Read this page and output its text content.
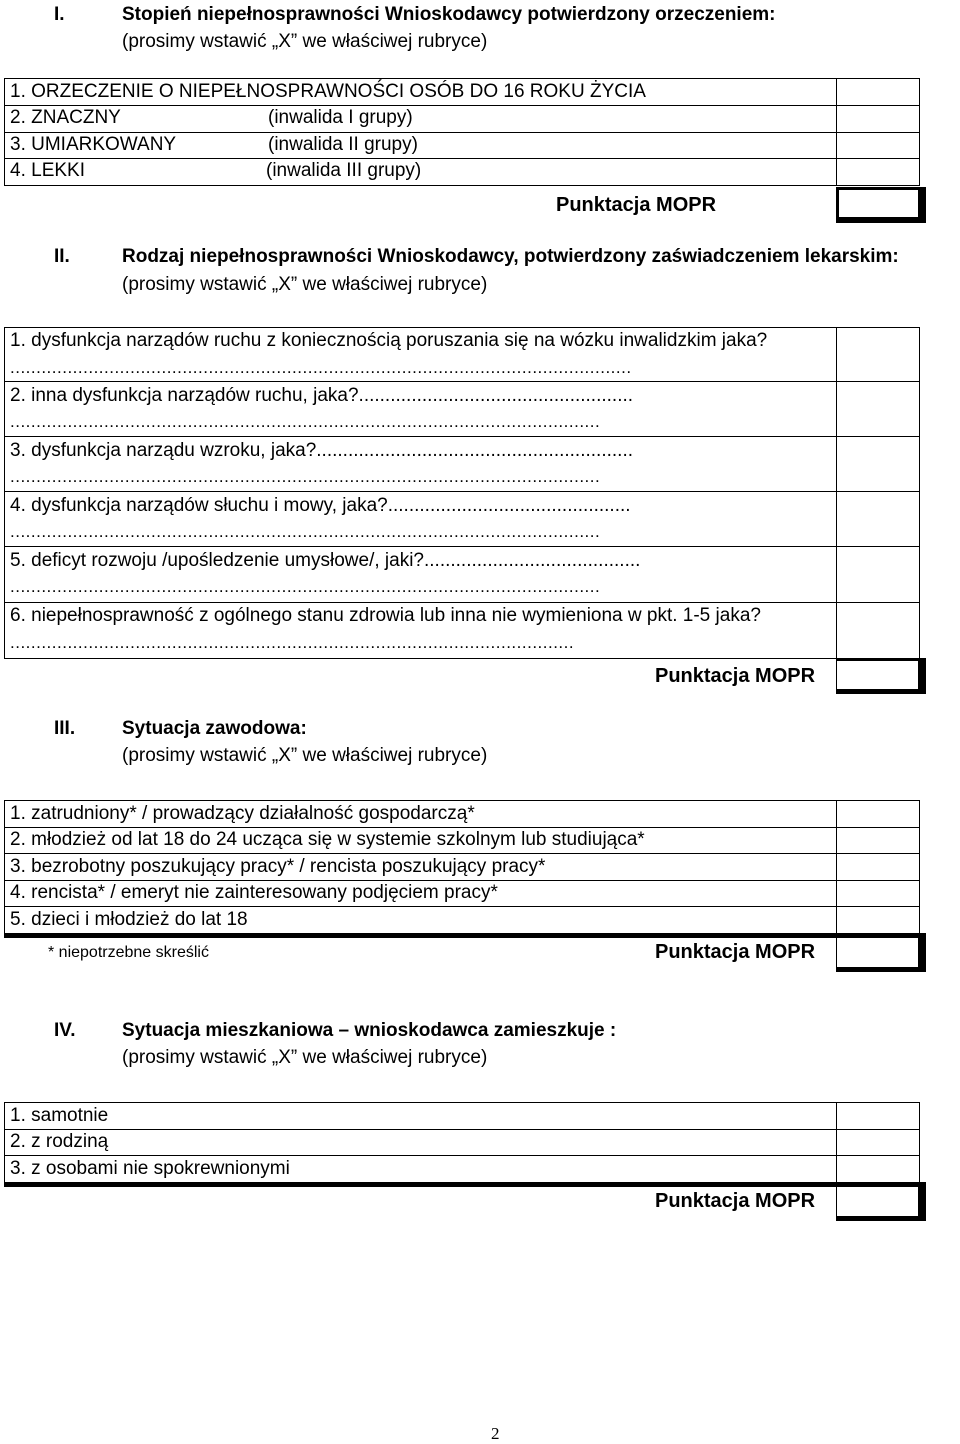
I.	Stopień niepełnosprawności Wnioskodawcy potwierdzony orzeczeniem:
(prosimy wstawić „X” we właściwej rubryce)
1. ORZECZENIE O NIEPEŁNOSPRAWNOŚCI OSÓB DO 16 ROKU ŻYCIA
2. ZNACZNY	(inwalida I grupy)
3. UMIARKOWANY	(inwalida II grupy)
4. LEKKI	(inwalida III grupy)
Punktacja MOPR
II.	Rodzaj niepełnosprawności Wnioskodawcy, potwierdzony zaświadczeniem lekarskim:
(prosimy wstawić „X” we właściwej rubryce)
1. dysfunkcja narządów ruchu z koniecznością poruszania się na wózku inwalidzkim jaka?
.......................................................................................................................
2. inna dysfunkcja narządów ruchu, jaka?....................................................
.................................................................................................................
3. dysfunkcja narządu wzroku, jaka?............................................................
.................................................................................................................
4. dysfunkcja narządów słuchu i mowy, jaka?..............................................
.................................................................................................................
5. deficyt rozwoju /upośledzenie umysłowe/, jaki?.........................................
.................................................................................................................
6. niepełnosprawność z ogólnego stanu zdrowia lub inna nie wymieniona w pkt. 1-5 jaka?
............................................................................................................
Punktacja MOPR
III. Sytuacja zawodowa:
(prosimy wstawić „X” we właściwej rubryce)
1. zatrudniony* / prowadzący działalność gospodarczą*
2. młodzież od lat 18 do 24 ucząca się w systemie szkolnym lub studiująca*
3. bezrobotny poszukujący pracy* / rencista poszukujący pracy*
4. rencista* / emeryt nie zainteresowany podjęciem pracy*
5. dzieci i młodzież do lat 18
* niepotrzebne skreślić	Punktacja MOPR
IV. Sytuacja mieszkaniowa – wnioskodawca zamieszkuje :
(prosimy wstawić „X” we właściwej rubryce)
1. samotnie
2. z rodziną
3. z osobami nie spokrewnionymi
Punktacja MOPR
2
